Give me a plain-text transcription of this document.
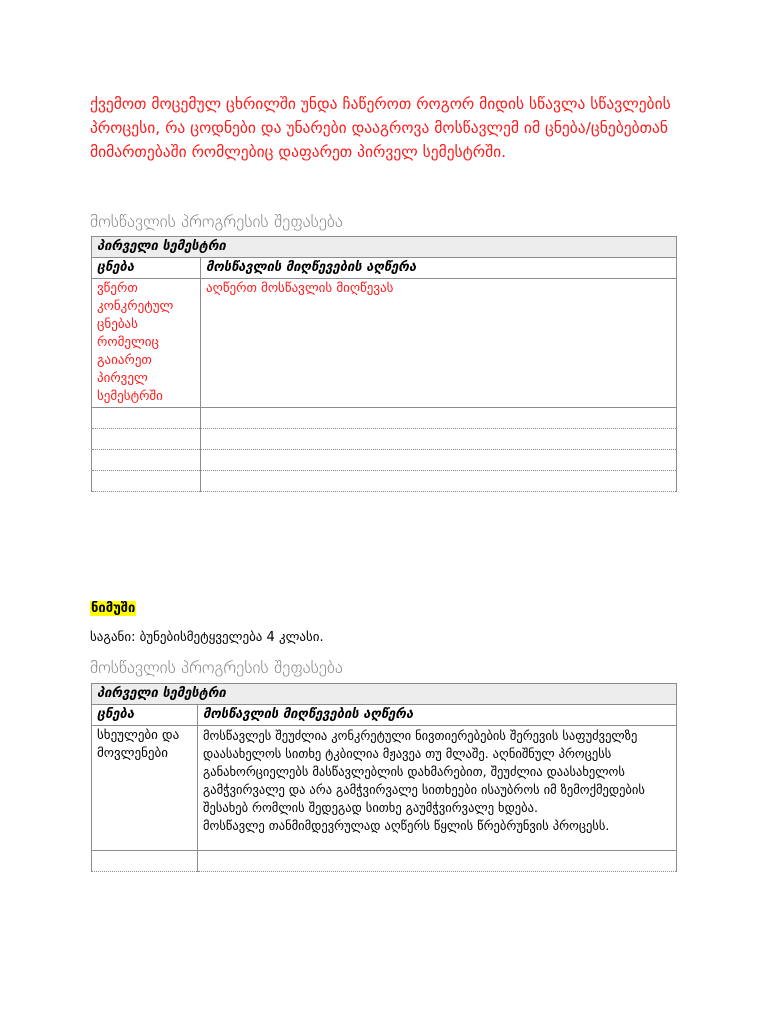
ქვემოთ მოცემულ ცხრილში უნდა ჩაწეროთ როგორ მიდის სწავლა სწავლების პროცესი, რა ცოდნები და უნარები დააგროვა მოსწავლემ იმ ცნება/ცნებებთან მიმართებაში რომლებიც დაფარეთ პირველ სემესტრში.
მოსწავლის პროგრესის შეფასება
პირველი სემესტრი	
ცნება	მოსწავლის მიღწევების აღწერა
ვწერთ კონკრეტულ ცნებას რომელიც გაიარეთ პირველ სემესტრში	აღწერთ მოსწავლის მიღწევას

ნიმუში
საგანი: ბუნებისმეტყველება 4 კლასი.
მოსწავლის პროგრესის შეფასება
პირველი სემესტრი	
ცნება	მოსწავლის მიღწევების აღწერა
სხეულები და მოვლენები	მოსწავლეს შეუძლია კონკრეტული ნივთიერებების შერევის საფუძველზე დაასახელოს სითხე ტკბილია მჟავეა თუ მლაშე. აღნიშნულ პროცესს განახორციელებს მასწავლებლის დახმარებით, შეუძლია დაასახელოს გამჭვირვალე და არა გამჭვირვალე სითხეები ისაუბროს იმ ზემოქმედების შესახებ რომლის შედეგად სითხე გაუმჭვირვალე ხდება.
მოსწავლე თანმიმდევრულად აღწერს წყლის წრებრუნვის პროცესს.
